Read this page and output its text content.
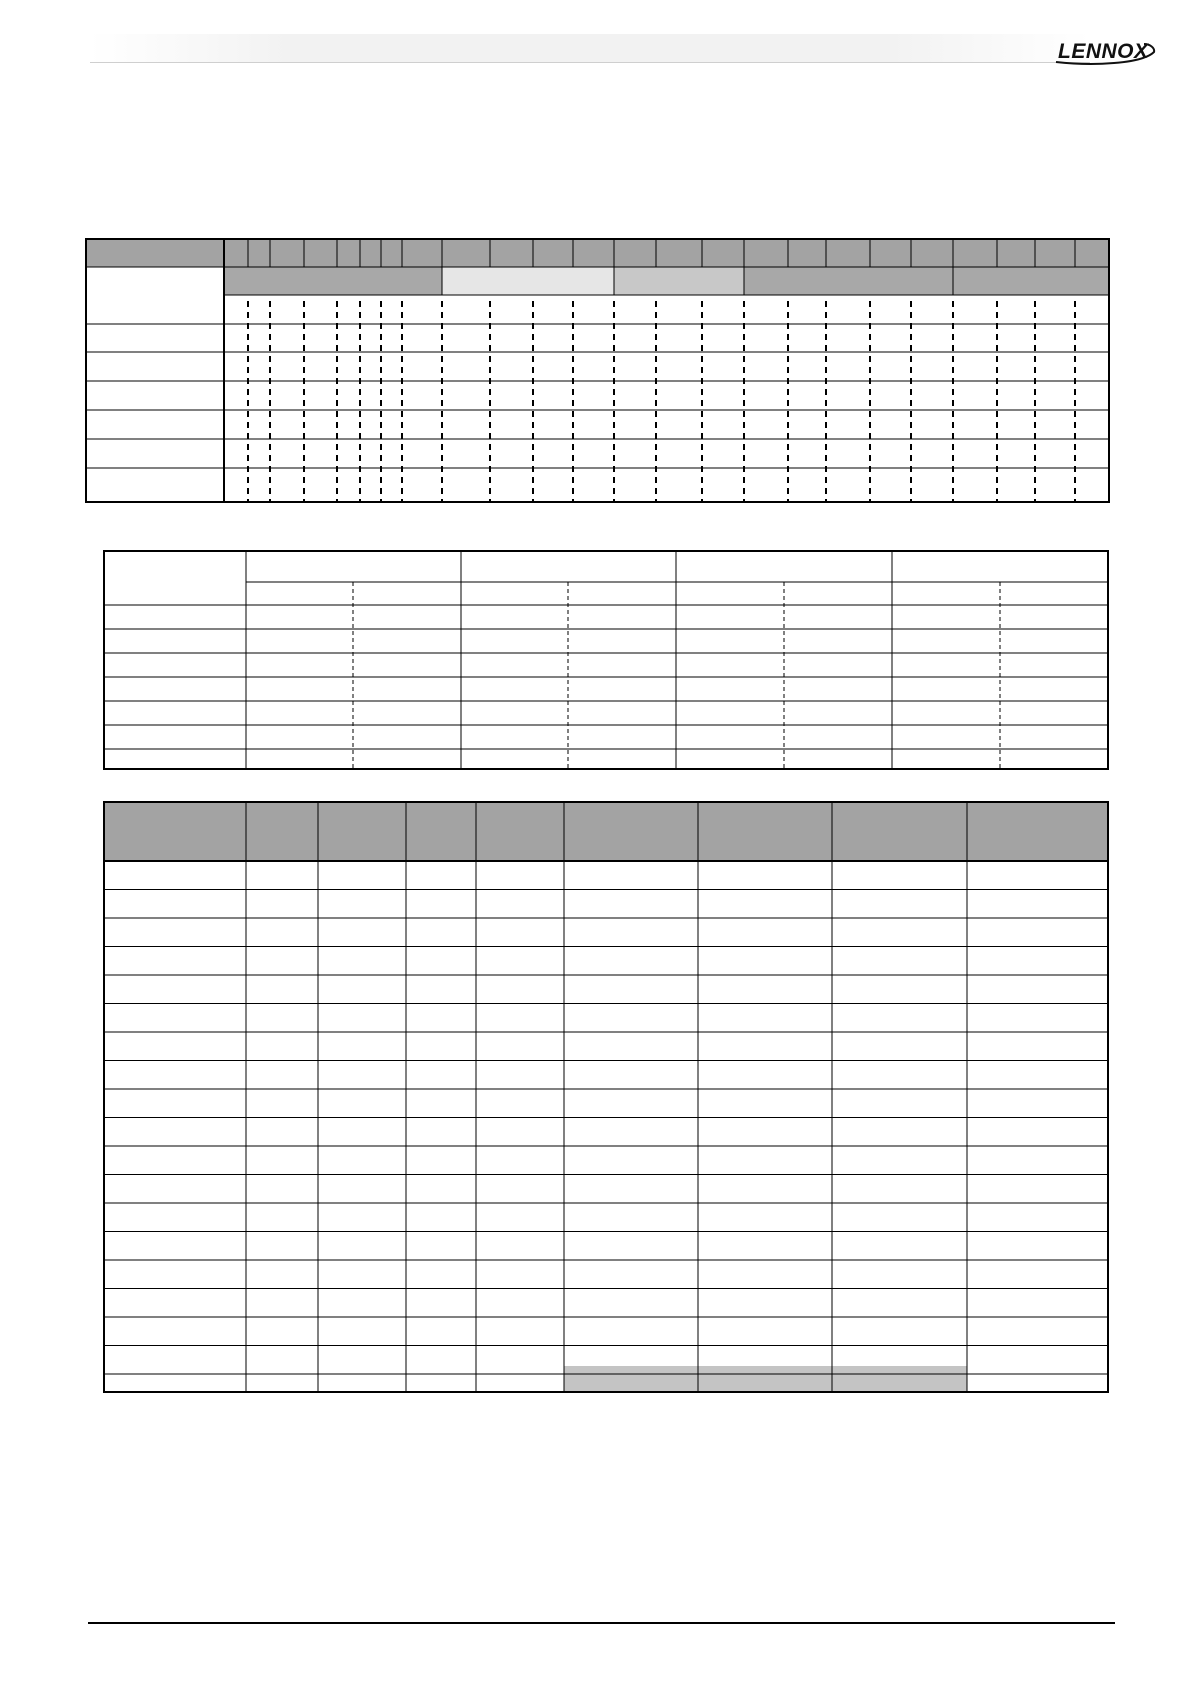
LENNOX
